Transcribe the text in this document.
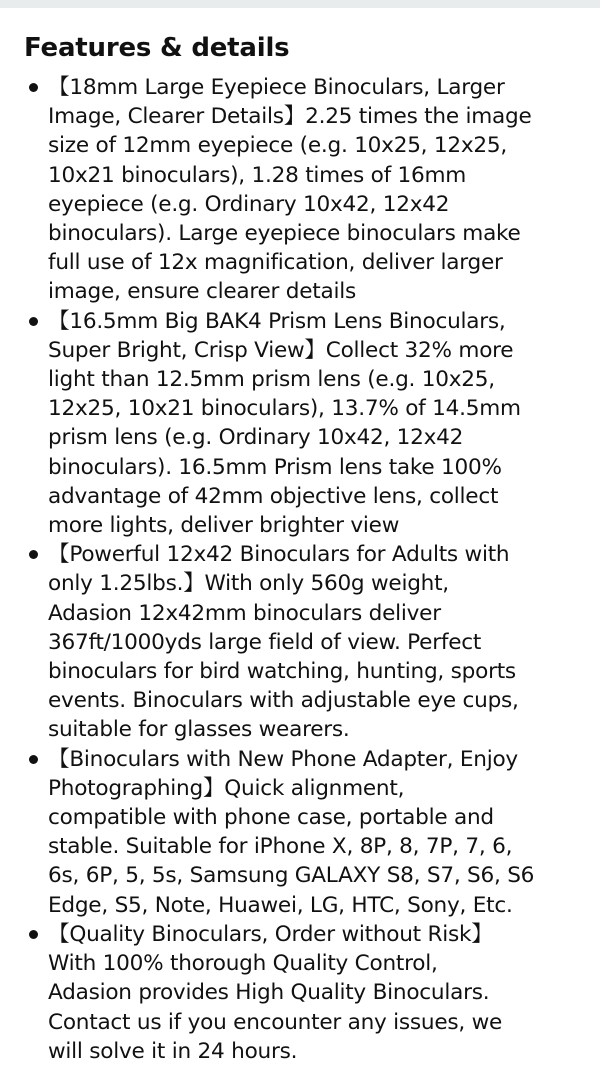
Features & details
【18mm Large Eyepiece Binoculars, Larger
Image, Clearer Details】2.25 times the image
size of 12mm eyepiece (e.g. 10x25, 12x25,
10x21 binoculars), 1.28 times of 16mm
eyepiece (e.g. Ordinary 10x42, 12x42
binoculars). Large eyepiece binoculars make
full use of 12x magnification, deliver larger
image, ensure clearer details
【16.5mm Big BAK4 Prism Lens Binoculars,
Super Bright, Crisp View】Collect 32% more
light than 12.5mm prism lens (e.g. 10x25,
12x25, 10x21 binoculars), 13.7% of 14.5mm
prism lens (e.g. Ordinary 10x42, 12x42
binoculars). 16.5mm Prism lens take 100%
advantage of 42mm objective lens, collect
more lights, deliver brighter view
【Powerful 12x42 Binoculars for Adults with
only 1.25lbs.】With only 560g weight,
Adasion 12x42mm binoculars deliver
367ft/1000yds large field of view. Perfect
binoculars for bird watching, hunting, sports
events. Binoculars with adjustable eye cups,
suitable for glasses wearers.
【Binoculars with New Phone Adapter, Enjoy
Photographing】Quick alignment,
compatible with phone case, portable and
stable. Suitable for iPhone X, 8P, 8, 7P, 7, 6,
6s, 6P, 5, 5s, Samsung GALAXY S8, S7, S6, S6
Edge, S5, Note, Huawei, LG, HTC, Sony, Etc.
【Quality Binoculars, Order without Risk】
With 100% thorough Quality Control,
Adasion provides High Quality Binoculars.
Contact us if you encounter any issues, we
will solve it in 24 hours.
